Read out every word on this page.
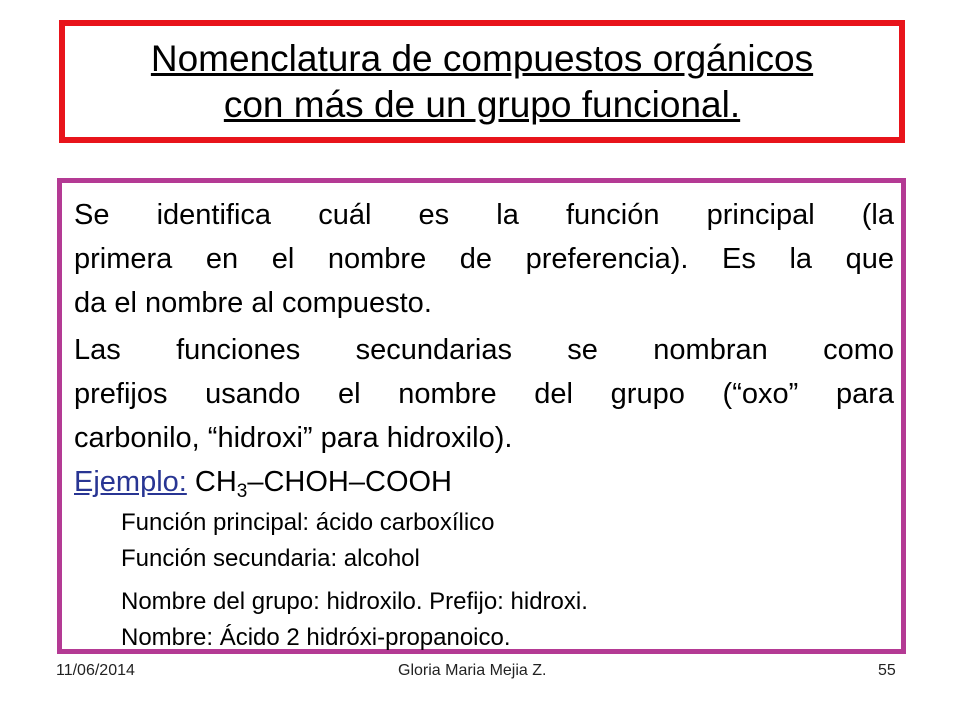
Nomenclatura de compuestos orgánicos
con más de un grupo funcional.
Se identifica cuál es la función principal (la
primera en el nombre de preferencia). Es la que
da el nombre al compuesto.
Las funciones secundarias se nombran como
prefijos usando el nombre del grupo (“oxo” para
carbonilo, “hidroxi” para hidroxilo).
Ejemplo: $CH_3-CHOH$–COOH
Función principal: ácido carboxílico
Función secundaria: alcohol
Nombre del grupo: hidroxilo. Prefijo: hidroxi.
Nombre: Ácido 2 hidróxi-propanoico.
11/06/2014	Gloria Maria Mejia Z.	55
